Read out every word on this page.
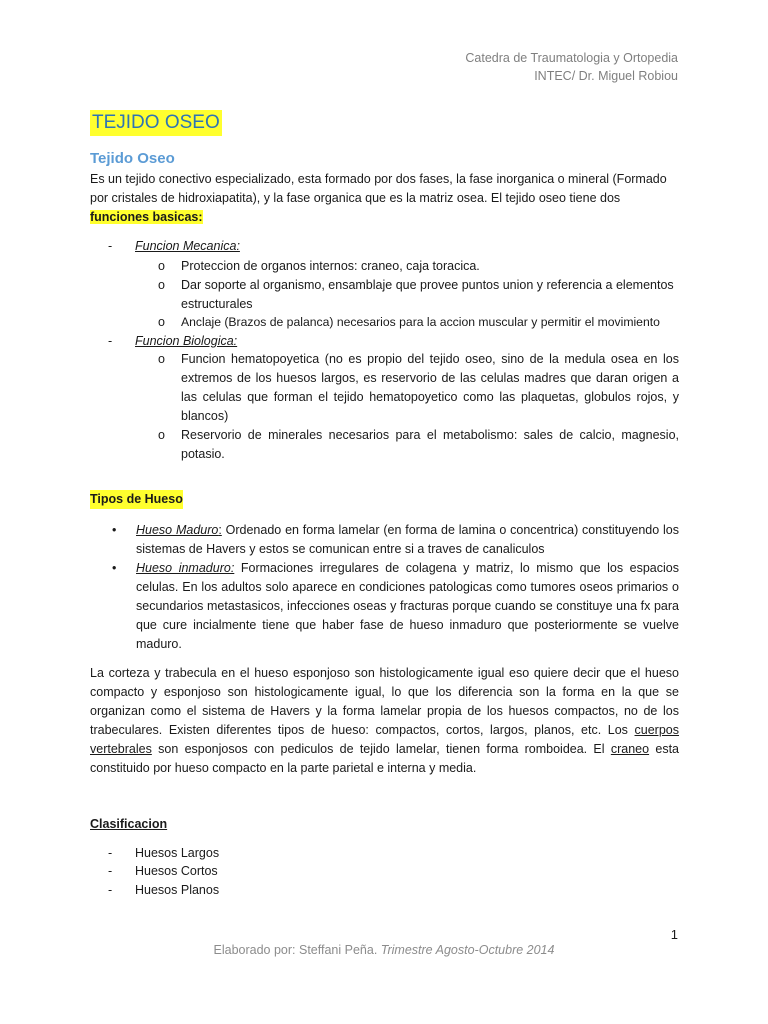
Catedra de Traumatologia y Ortopedia
INTEC/ Dr. Miguel Robiou
TEJIDO OSEO
Tejido Oseo
Es un tejido conectivo especializado, esta formado por dos fases, la fase inorganica o mineral (Formado por cristales de hidroxiapatita), y la fase organica que es la matriz osea. El tejido oseo tiene dos funciones basicas:
- Funcion Mecanica:
o Proteccion de organos internos: craneo, caja toracica.
o Dar soporte al organismo, ensamblaje que provee puntos union y referencia a elementos estructurales
o Anclaje (Brazos de palanca) necesarios para la accion muscular y permitir el movimiento
- Funcion Biologica:
o Funcion hematopoyetica (no es propio del tejido oseo, sino de la medula osea en los extremos de los huesos largos, es reservorio de las celulas madres que daran origen a las celulas que forman el tejido hematopoyetico como las plaquetas, globulos rojos, y blancos)
o Reservorio de minerales necesarios para el metabolismo: sales de calcio, magnesio, potasio.
Tipos de Hueso
• Hueso Maduro: Ordenado en forma lamelar (en forma de lamina o concentrica) constituyendo los sistemas de Havers y estos se comunican entre si a traves de canaliculos
• Hueso inmaduro: Formaciones irregulares de colagena y matriz, lo mismo que los espacios celulas. En los adultos solo aparece en condiciones patologicas como tumores oseos primarios o secundarios metastasicos, infecciones oseas y fracturas porque cuando se constituye una fx para que cure incialmente tiene que haber fase de hueso inmaduro que posteriormente se vuelve maduro.
La corteza y trabecula en el hueso esponjoso son histologicamente igual eso quiere decir que el hueso compacto y esponjoso son histologicamente igual, lo que los diferencia son la forma en la que se organizan como el sistema de Havers y la forma lamelar propia de los huesos compactos, no de los trabeculares. Existen diferentes tipos de hueso: compactos, cortos, largos, planos, etc. Los cuerpos vertebrales son esponjosos con pediculos de tejido lamelar, tienen forma romboidea. El craneo esta constituido por hueso compacto en la parte parietal e interna y media.
Clasificacion
- Huesos Largos
- Huesos Cortos
- Huesos Planos
1
Elaborado por: Steffani Peña. Trimestre Agosto-Octubre 2014
